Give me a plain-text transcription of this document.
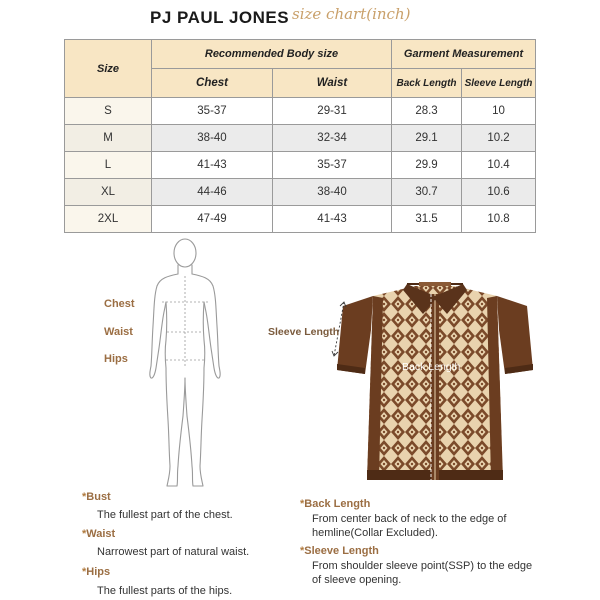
PJ PAUL JONES size chart(inch)
Size	Recommended Body size		Garment Measurement	
	Chest	Waist	Back Length	Sleeve Length
S	35-37	29-31	28.3	10
M	38-40	32-34	29.1	10.2
L	41-43	35-37	29.9	10.4
XL	44-46	38-40	30.7	10.6
2XL	47-49	41-43	31.5	10.8
Chest
Waist
Hips
Sleeve Length
Back Length
*Bust
The fullest part of the chest.
*Waist
Narrowest part of natural waist.
*Hips
The fullest parts of the hips.
*Back Length
From center back of neck to the edge of hemline(Collar Excluded).
*Sleeve Length
From shoulder sleeve point(SSP) to the edge of sleeve opening.
